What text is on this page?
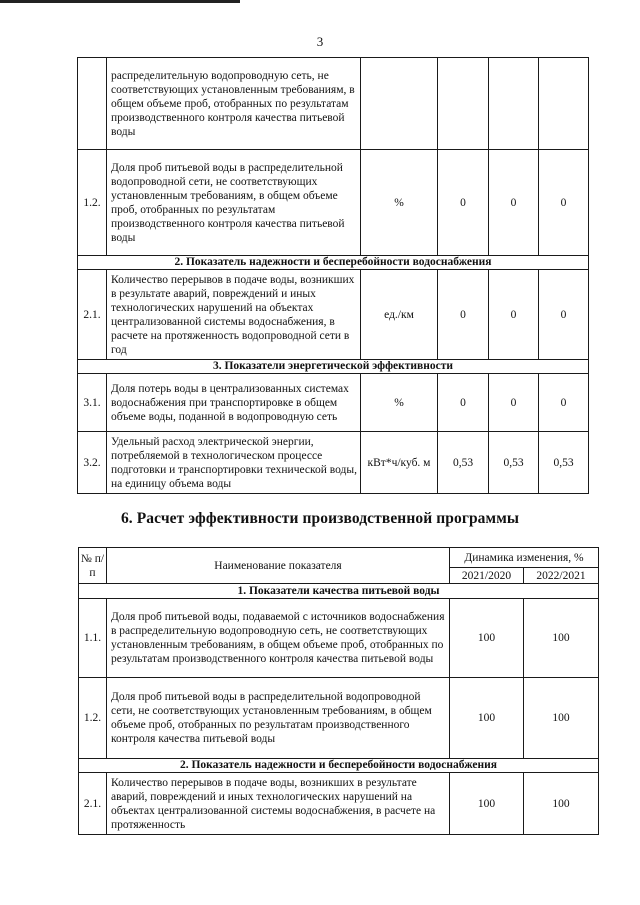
3
	распределительную водопроводную сеть, не соответствующих установленным требованиям, в общем объеме проб, отобранных по результатам производственного контроля качества питьевой воды				
1.2.	Доля проб питьевой воды в распределительной водопроводной сети, не соответствующих установленным требованиям, в общем объеме проб, отобранных по результатам производственного контроля качества питьевой воды	%	0	0	0
2. Показатель надежности и бесперебойности водоснабжения					
2.1.	Количество перерывов в подаче воды, возникших в результате аварий, повреждений и иных технологических нарушений на объектах централизованной системы водоснабжения, в расчете на протяженность водопроводной сети в год	ед./км	0	0	0
3. Показатели энергетической эффективности					
3.1.	Доля потерь воды в централизованных системах водоснабжения при транспортировке в общем объеме воды, поданной в водопроводную сеть	%	0	0	0
3.2.	Удельный расход электрической энергии, потребляемой в технологическом процессе подготовки и транспортировки технической воды, на единицу объема воды	кВт*ч/куб. м	0,53	0,53	0,53
6. Расчет эффективности производственной программы
№ п/п	Наименование показателя	Динамика изменения, %	
		2021/2020	2022/2021
1. Показатели качества питьевой воды			
1.1.	Доля проб питьевой воды, подаваемой с источников водоснабжения в распределительную водопроводную сеть, не соответствующих установленным требованиям, в общем объеме проб, отобранных по результатам производственного контроля качества питьевой воды	100	100
1.2.	Доля проб питьевой воды в распределительной водопроводной сети, не соответствующих установленным требованиям, в общем объеме проб, отобранных по результатам производственного контроля качества питьевой воды	100	100
2. Показатель надежности и бесперебойности водоснабжения			
2.1.	Количество перерывов в подаче воды, возникших в результате аварий, повреждений и иных технологических нарушений на объектах централизованной системы водоснабжения, в расчете на протяженность	100	100
